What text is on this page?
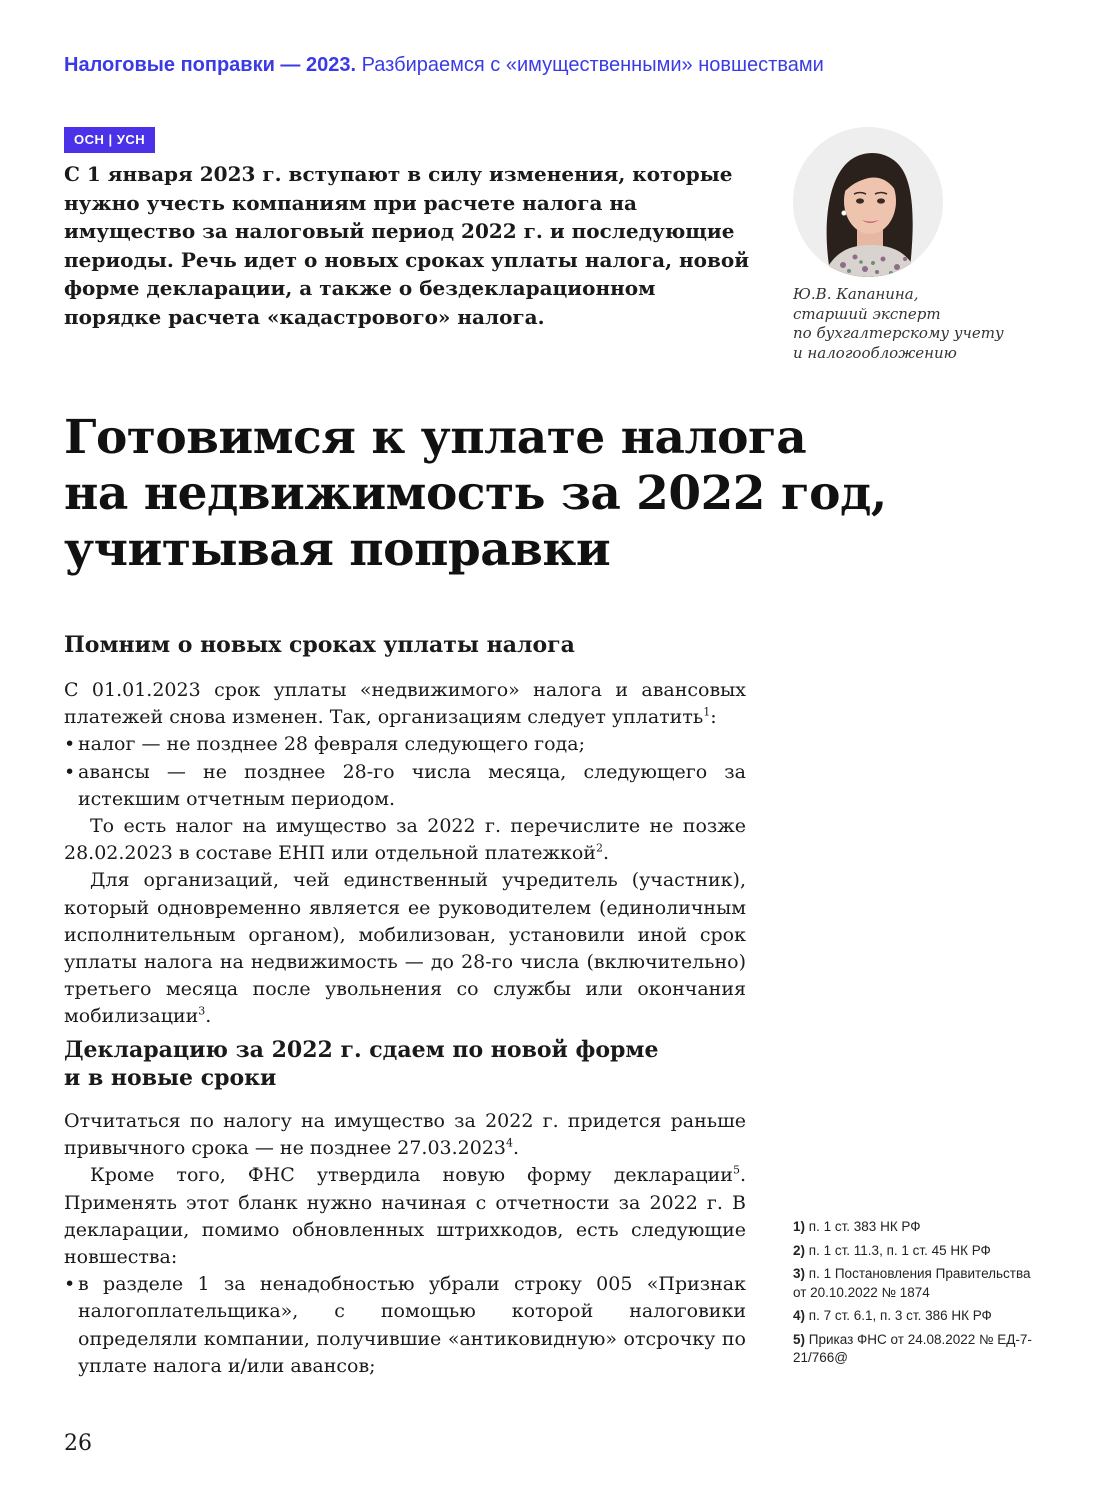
Налоговые поправки — 2023. Разбираемся с «имущественными» новшествами
ОСН | УСН
С 1 января 2023 г. вступают в силу изменения, которые нужно учесть компаниям при расчете налога на имущество за налоговый период 2022 г. и последующие периоды. Речь идет о новых сроках уплаты налога, новой форме декларации, а также о бездекларационном порядке расчета «кадастрового» налога.
Ю.В. Капанина,
старший эксперт
по бухгалтерскому учету
и налогообложению
Готовимся к уплате налога
на недвижимость за 2022 год,
учитывая поправки
Помним о новых сроках уплаты налога

С 01.01.2023 срок уплаты «недвижимого» налога и авансовых платежей снова изменен. Так, организациям следует уплатить$^1$:

• налог — не позднее 28 февраля следующего года;

• авансы — не позднее 28-го числа месяца, следующего за истекшим отчетным периодом.

То есть налог на имущество за 2022 г. перечислите не позже 28.02.2023 в составе ЕНП или отдельной платежкой$^2$.

Для организаций, чей единственный учредитель (участник), который одновременно является ее руководителем (единоличным исполнительным органом), мобилизован, установили иной срок уплаты налога на недвижимость — до 28-го числа (включительно) третьего месяца после увольнения со службы или окончания мобилизации$^3$.

Декларацию за 2022 г. сдаем по новой форме
и в новые сроки

Отчитаться по налогу на имущество за 2022 г. придется раньше привычного срока — не позднее 27.03.2023$^4$.

Кроме того, ФНС утвердила новую форму декларации$^5$. Применять этот бланк нужно начиная с отчетности за 2022 г. В декларации, помимо обновленных штрихкодов, есть следующие новшества:

• в разделе 1 за ненадобностью убрали строку 005 «Признак налогоплательщика», с помощью которой налоговики определяли компании, получившие «антиковидную» отсрочку по уплате налога и/или авансов;

1) п. 1 ст. 383 НК РФ
2) п. 1 ст. 11.3, п. 1 ст. 45 НК РФ
3) п. 1 Постановления Правительства от 20.10.2022 № 1874
4) п. 7 ст. 6.1, п. 3 ст. 386 НК РФ
5) Приказ ФНС от 24.08.2022 № ЕД-7-21/766@
26
